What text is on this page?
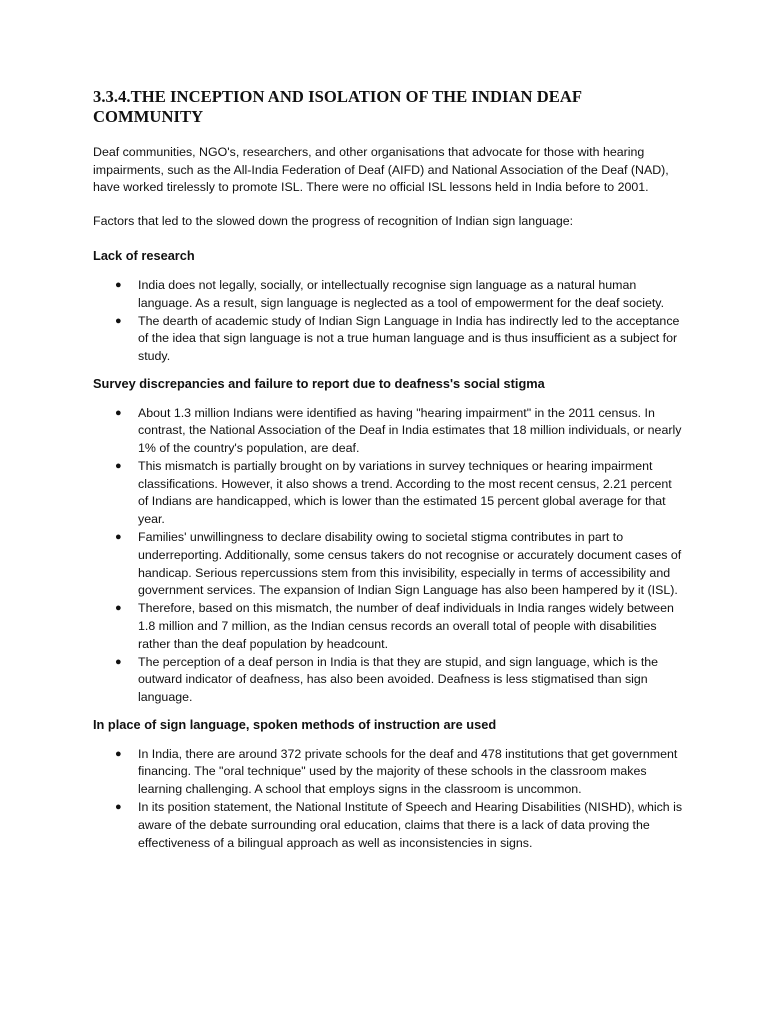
3.3.4.THE INCEPTION AND ISOLATION OF THE INDIAN DEAF COMMUNITY

Deaf communities, NGO's, researchers, and other organisations that advocate for those with hearing impairments, such as the All-India Federation of Deaf (AIFD) and National Association of the Deaf (NAD), have worked tirelessly to promote ISL. There were no official ISL lessons held in India before to 2001.

Factors that led to the slowed down the progress of recognition of Indian sign language:

Lack of research
● India does not legally, socially, or intellectually recognise sign language as a natural human language. As a result, sign language is neglected as a tool of empowerment for the deaf society.
● The dearth of academic study of Indian Sign Language in India has indirectly led to the acceptance of the idea that sign language is not a true human language and is thus insufficient as a subject for study.
Survey discrepancies and failure to report due to deafness's social stigma
● About 1.3 million Indians were identified as having "hearing impairment" in the 2011 census. In contrast, the National Association of the Deaf in India estimates that 18 million individuals, or nearly 1% of the country's population, are deaf.
● This mismatch is partially brought on by variations in survey techniques or hearing impairment classifications. However, it also shows a trend. According to the most recent census, 2.21 percent of Indians are handicapped, which is lower than the estimated 15 percent global average for that year.
● Families' unwillingness to declare disability owing to societal stigma contributes in part to underreporting. Additionally, some census takers do not recognise or accurately document cases of handicap. Serious repercussions stem from this invisibility, especially in terms of accessibility and government services. The expansion of Indian Sign Language has also been hampered by it (ISL).
● Therefore, based on this mismatch, the number of deaf individuals in India ranges widely between 1.8 million and 7 million, as the Indian census records an overall total of people with disabilities rather than the deaf population by headcount.
● The perception of a deaf person in India is that they are stupid, and sign language, which is the outward indicator of deafness, has also been avoided. Deafness is less stigmatised than sign language.
In place of sign language, spoken methods of instruction are used
● In India, there are around 372 private schools for the deaf and 478 institutions that get government financing. The "oral technique" used by the majority of these schools in the classroom makes learning challenging. A school that employs signs in the classroom is uncommon.
● In its position statement, the National Institute of Speech and Hearing Disabilities (NISHD), which is aware of the debate surrounding oral education, claims that there is a lack of data proving the effectiveness of a bilingual approach as well as inconsistencies in signs.
